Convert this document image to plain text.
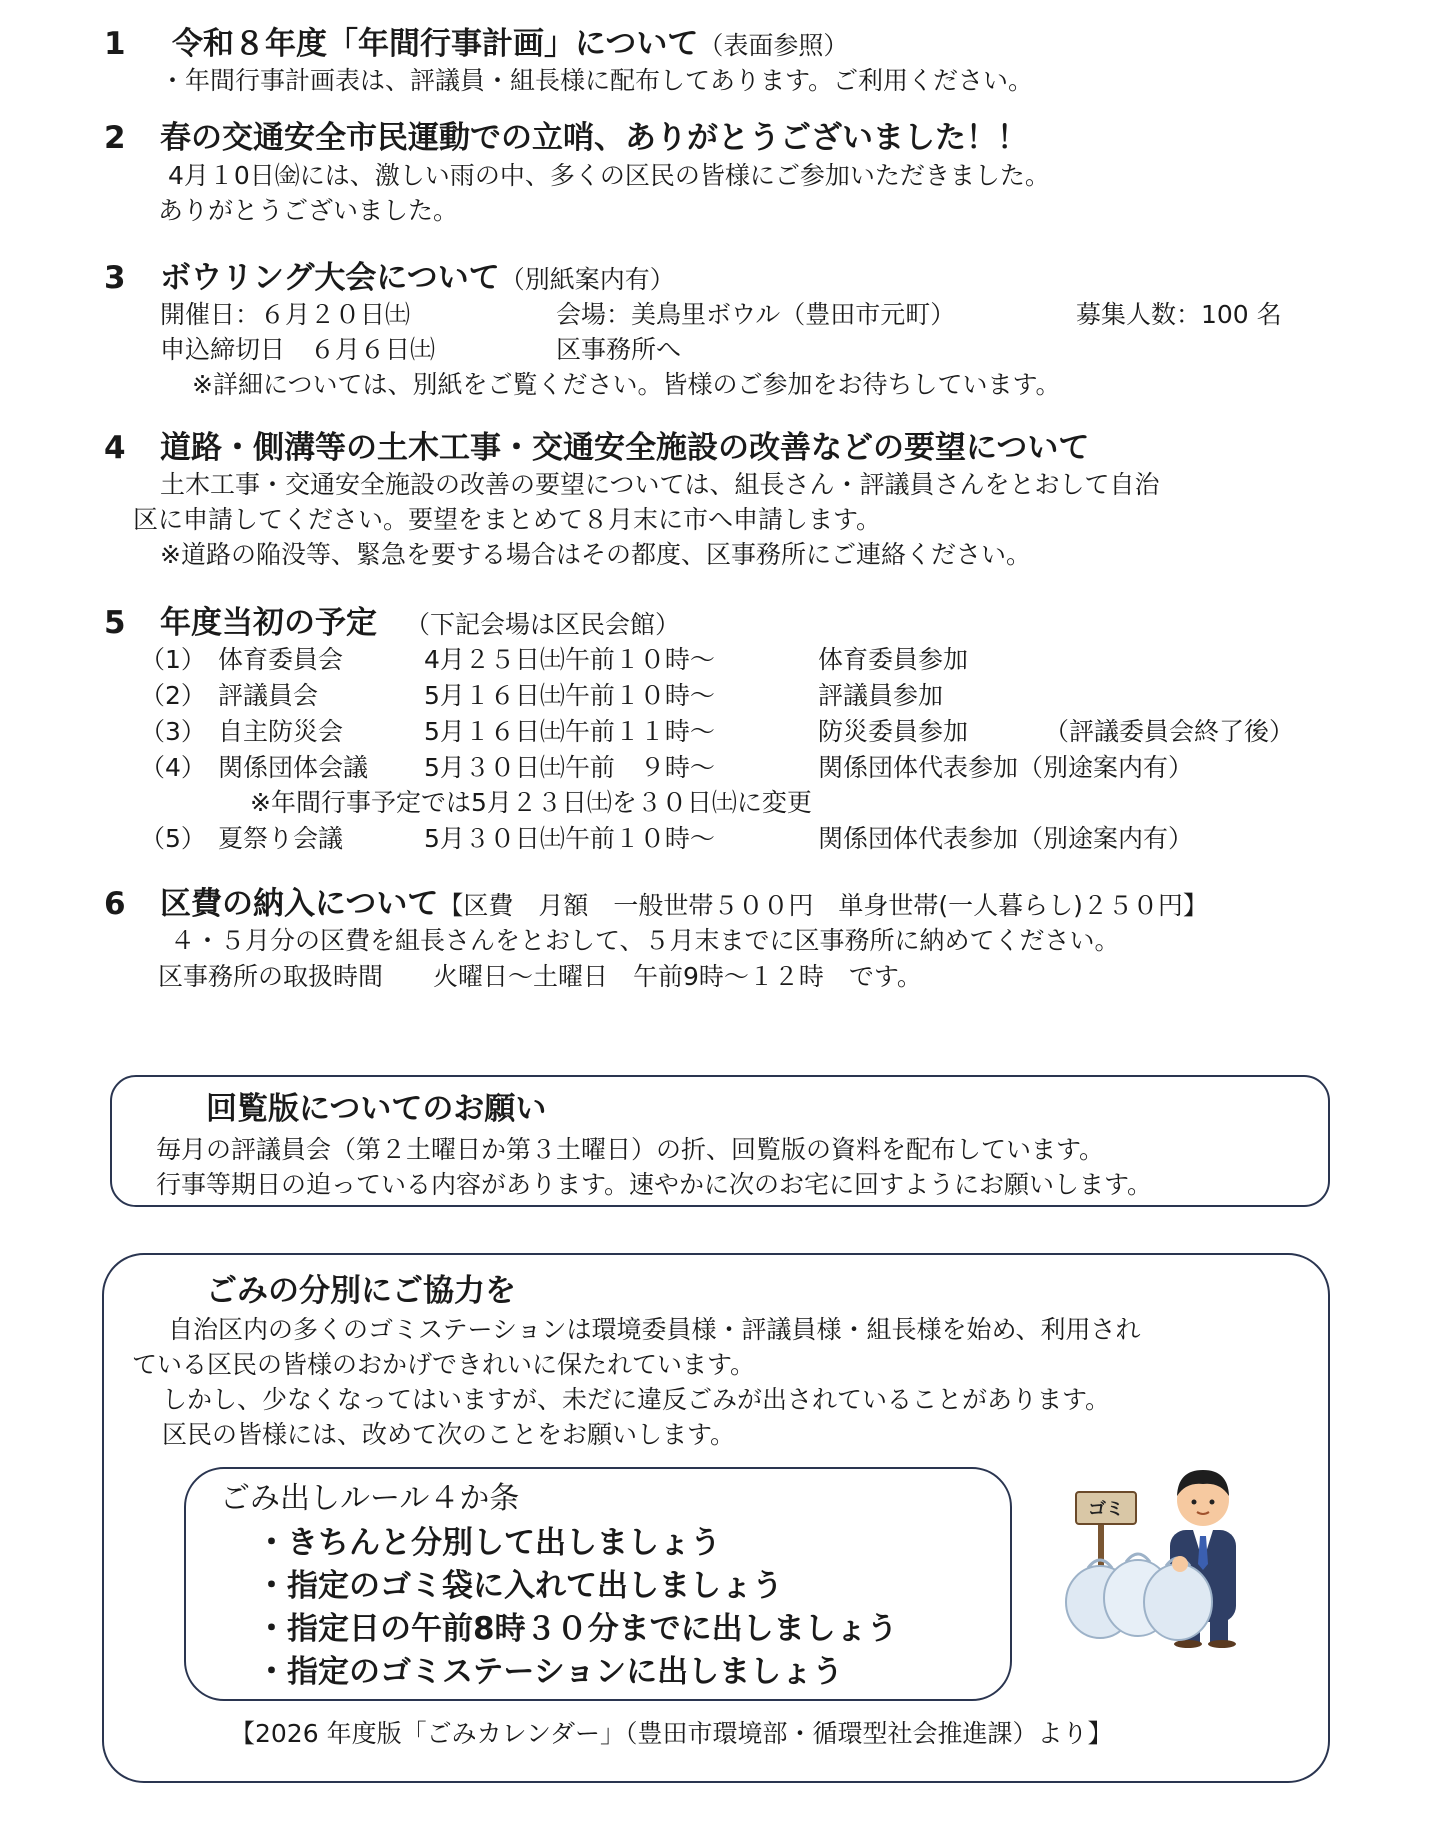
1 令和８年度「年間行事計画」について（表面参照）
・年間行事計画表は、評議員・組長様に配布してあります。ご利用ください。
2 春の交通安全市民運動での立哨、ありがとうございました！！
4月１0日㈮には、激しい雨の中、多くの区民の皆様にご参加いただきました。
ありがとうございました。
3 ボウリング大会について（別紙案内有）
開催日：６月２０日㈯	会場：美鳥里ボウル（豊田市元町）	募集人数：100 名
申込締切日　６月６日㈯	区事務所へ
※詳細については、別紙をご覧ください。皆様のご参加をお待ちしています。
4 道路・側溝等の土木工事・交通安全施設の改善などの要望について
土木工事・交通安全施設の改善の要望については、組長さん・評議員さんをとおして自治
区に申請してください。要望をまとめて８月末に市へ申請します。
※道路の陥没等、緊急を要する場合はその都度、区事務所にご連絡ください。
5 年度当初の予定 （下記会場は区民会館）
（1） 体育委員会	4月２５日㈯午前１０時～	体育委員参加
（2） 評議員会	5月１６日㈯午前１０時～	評議員参加
（3） 自主防災会	5月１６日㈯午前１１時～	防災委員参加	（評議委員会終了後）
（4） 関係団体会議 5月３０日㈯午前　９時～	関係団体代表参加（別途案内有）
※年間行事予定では5月２３日㈯を３０日㈯に変更
（5） 夏祭り会議	5月３０日㈯午前１０時～	関係団体代表参加（別途案内有）
6 区費の納入について【区費　月額　一般世帯５００円　単身世帯(一人暮らし)２５０円】
４・５月分の区費を組長さんをとおして、５月末までに区事務所に納めてください。
区事務所の取扱時間　　火曜日～土曜日　午前9時～１２時　です。
回覧版についてのお願い
毎月の評議員会（第２土曜日か第３土曜日）の折、回覧版の資料を配布しています。
行事等期日の迫っている内容があります。速やかに次のお宅に回すようにお願いします。
ごみの分別にご協力を
自治区内の多くのゴミステーションは環境委員様・評議員様・組長様を始め、利用され
ている区民の皆様のおかげできれいに保たれています。
しかし、少なくなってはいますが、未だに違反ごみが出されていることがあります。
区民の皆様には、改めて次のことをお願いします。
ごみ出しルール４か条
・きちんと分別して出しましょう
・指定のゴミ袋に入れて出しましょう
・指定日の午前8時３０分までに出しましょう
・指定のゴミステーションに出しましょう
【2026 年度版「ごみカレンダー」（豊田市環境部・循環型社会推進課）より】
ゴミ
